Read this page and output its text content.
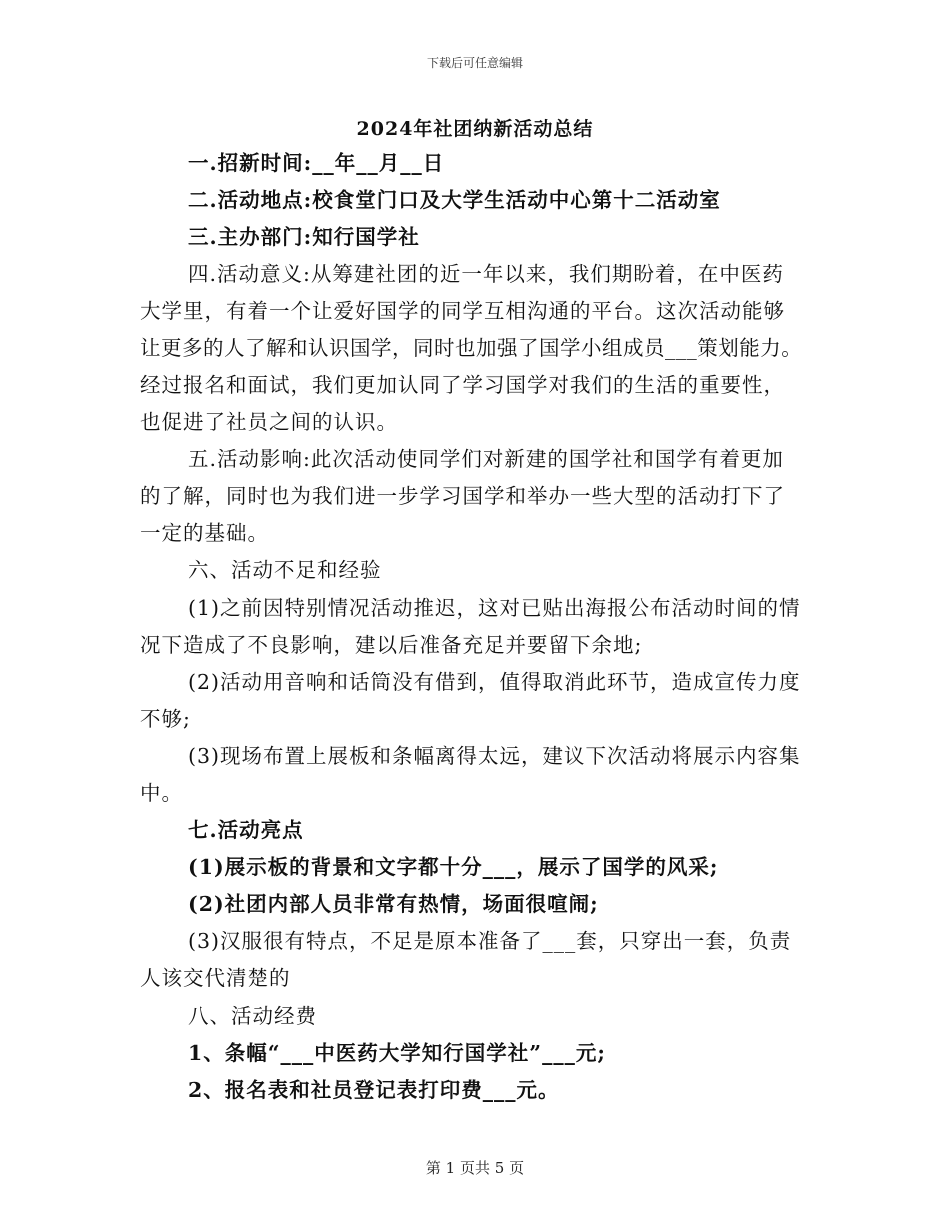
下载后可任意编辑
2024年社团纳新活动总结
一.招新时间:__年__月__日
二.活动地点:校食堂门口及大学生活动中心第十二活动室
三.主办部门:知行国学社
四.活动意义:从筹建社团的近一年以来，我们期盼着，在中医药
大学里，有着一个让爱好国学的同学互相沟通的平台。这次活动能够
让更多的人了解和认识国学，同时也加强了国学小组成员___策划能力。
经过报名和面试，我们更加认同了学习国学对我们的生活的重要性，
也促进了社员之间的认识。
五.活动影响:此次活动使同学们对新建的国学社和国学有着更加
的了解，同时也为我们进一步学习国学和举办一些大型的活动打下了
一定的基础。
六、活动不足和经验
(1)之前因特别情况活动推迟，这对已贴出海报公布活动时间的情
况下造成了不良影响，建以后准备充足并要留下余地;
(2)活动用音响和话筒没有借到，值得取消此环节，造成宣传力度
不够;
(3)现场布置上展板和条幅离得太远，建议下次活动将展示内容集
中。
七.活动亮点
(1)展示板的背景和文字都十分___，展示了国学的风采;
(2)社团内部人员非常有热情，场面很喧闹;
(3)汉服很有特点，不足是原本准备了___套，只穿出一套，负责
人该交代清楚的
八、活动经费
1、条幅“___中医药大学知行国学社”___元;
2、报名表和社员登记表打印费___元。
第 1 页共 5 页
